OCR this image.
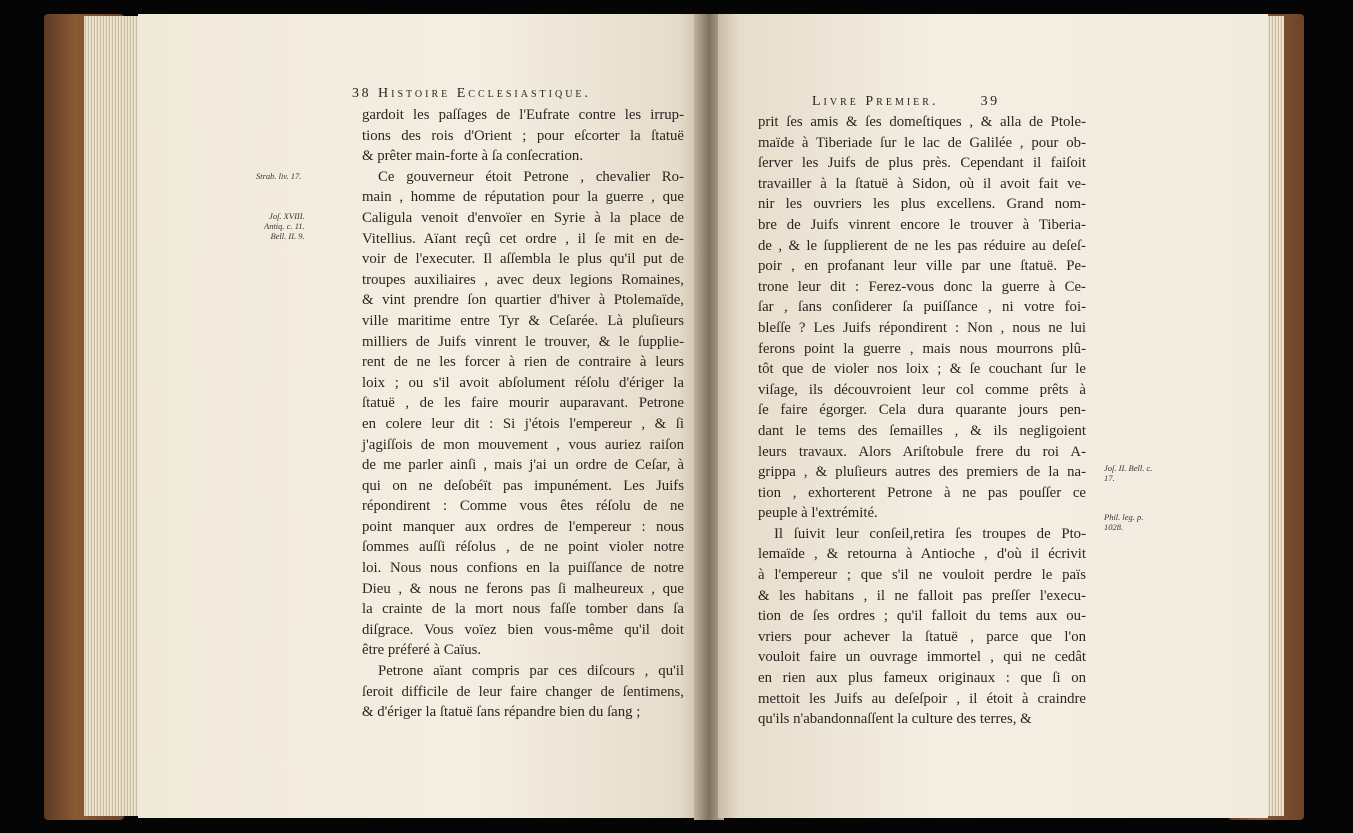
38 Histoire Ecclesiastique.
gardoit les paſſages de l'Eufrate contre les irrup-
tions des rois d'Orient ; pour eſcorter la ſtatuë
& prêter main-forte à ſa conſecration.
Ce gouverneur étoit Petrone , chevalier Ro-
main , homme de réputation pour la guerre , que
Caligula venoit d'envoïer en Syrie à la place de
Vitellius. Aïant reçû cet ordre , il ſe mit en de-
voir de l'executer. Il aſſembla le plus qu'il put de
troupes auxiliaires , avec deux legions Romaines,
& vint prendre ſon quartier d'hiver à Ptolemaïde,
ville maritime entre Tyr & Ceſarée. Là pluſieurs
milliers de Juifs vinrent le trouver, & le ſupplie-
rent de ne les forcer à rien de contraire à leurs
loix ; ou s'il avoit abſolument réſolu d'ériger la
ſtatuë , de les faire mourir auparavant. Petrone
en colere leur dit : Si j'étois l'empereur , & ſi
j'agiſſois de mon mouvement , vous auriez raiſon
de me parler ainſi , mais j'ai un ordre de Ceſar, à
qui on ne deſobéït pas impunément. Les Juifs
répondirent : Comme vous êtes réſolu de ne
point manquer aux ordres de l'empereur : nous
ſommes auſſi réſolus , de ne point violer notre
loi. Nous nous confions en la puiſſance de notre
Dieu , & nous ne ferons pas ſi malheureux , que
la crainte de la mort nous faſſe tomber dans ſa
diſgrace. Vous voïez bien vous-même qu'il doit
être préferé à Caïus.
Petrone aïant compris par ces diſcours , qu'il
ſeroit difficile de leur faire changer de ſentimens,
& d'ériger la ſtatuë ſans répandre bien du ſang ;
Strab. liv. 17.
Joſ. XVIII.
Antiq. c. 11.
Bell. II. 9.
Livre Premier.	39
prit ſes amis & ſes domeſtiques , & alla de Ptole-
maïde à Tiberiade ſur le lac de Galilée , pour ob-
ſerver les Juifs de plus près. Cependant il faiſoit
travailler à la ſtatuë à Sidon, où il avoit fait ve-
nir les ouvriers les plus excellens. Grand nom-
bre de Juifs vinrent encore le trouver à Tiberia-
de , & le ſupplierent de ne les pas réduire au deſeſ-
poir , en profanant leur ville par une ſtatuë. Pe-
trone leur dit : Ferez-vous donc la guerre à Ce-
ſar , ſans conſiderer ſa puiſſance , ni votre foi-
bleſſe ? Les Juifs répondirent : Non , nous ne lui
ferons point la guerre , mais nous mourrons plû-
tôt que de violer nos loix ; & ſe couchant ſur le
viſage, ils découvroient leur col comme prêts à
ſe faire égorger. Cela dura quarante jours pen-
dant le tems des ſemailles , & ils negligoient
leurs travaux. Alors Ariſtobule frere du roi A-
grippa , & pluſieurs autres des premiers de la na-
tion , exhorterent Petrone à ne pas pouſſer ce
peuple à l'extrémité.
Il ſuivit leur conſeil,retira ſes troupes de Pto-
lemaïde , & retourna à Antioche , d'où il écrivit
à l'empereur ; que s'il ne vouloit perdre le païs
& les habitans , il ne falloit pas preſſer l'execu-
tion de ſes ordres ; qu'il falloit du tems aux ou-
vriers pour achever la ſtatuë , parce que l'on
vouloit faire un ouvrage immortel , qui ne cedât
en rien aux plus fameux originaux : que ſi on
mettoit les Juifs au deſeſpoir , il étoit à craindre
qu'ils n'abandonnaſſent la culture des terres, &
Joſ. II. Bell. c.
17.
Phil. leg. p.
1028.
